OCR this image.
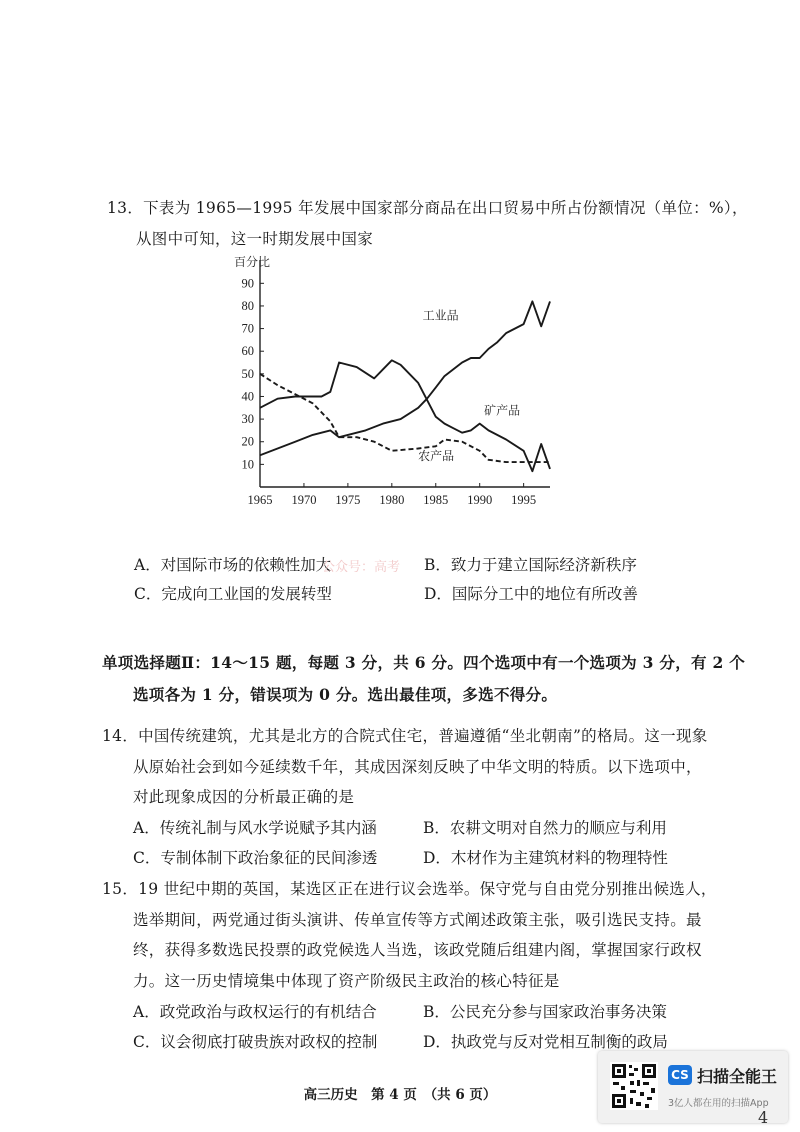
13．下表为 1965—1995 年发展中国家部分商品在出口贸易中所占份额情况（单位：%），
从图中可知，这一时期发展中国家
百分比
10
20
30
40
50
60
70
80
90
1965 1970 1975 1980 1985 1990 1995
工业品
矿产品
农产品
A．对国际市场的依赖性加大
公众号：高考 B．致力于建立国际经济新秩序
C．完成向工业国的发展转型	D．国际分工中的地位有所改善
单项选择题Ⅱ：14～15 题，每题 3 分，共 6 分。四个选项中有一个选项为 3 分，有 2 个
选项各为 1 分，错误项为 0 分。选出最佳项，多选不得分。
14．中国传统建筑，尤其是北方的合院式住宅，普遍遵循“坐北朝南”的格局。这一现象
从原始社会到如今延续数千年，其成因深刻反映了中华文明的特质。以下选项中，
对此现象成因的分析最正确的是
A．传统礼制与风水学说赋予其内涵	B．农耕文明对自然力的顺应与利用
C．专制体制下政治象征的民间渗透	D．木材作为主建筑材料的物理特性
15．19 世纪中期的英国，某选区正在进行议会选举。保守党与自由党分别推出候选人，
选举期间，两党通过街头演讲、传单宣传等方式阐述政策主张，吸引选民支持。最
终，获得多数选民投票的政党候选人当选，该政党随后组建内阁，掌握国家行政权
力。这一历史情境集中体现了资产阶级民主政治的核心特征是
A．政党政治与政权运行的有机结合	B．公民充分参与国家政治事务决策
C．议会彻底打破贵族对政权的控制	D．执政党与反对党相互制衡的政局
高三历史　第 4 页　（共 6 页）
CS 扫描全能王
3亿人都在用的扫描App
4
